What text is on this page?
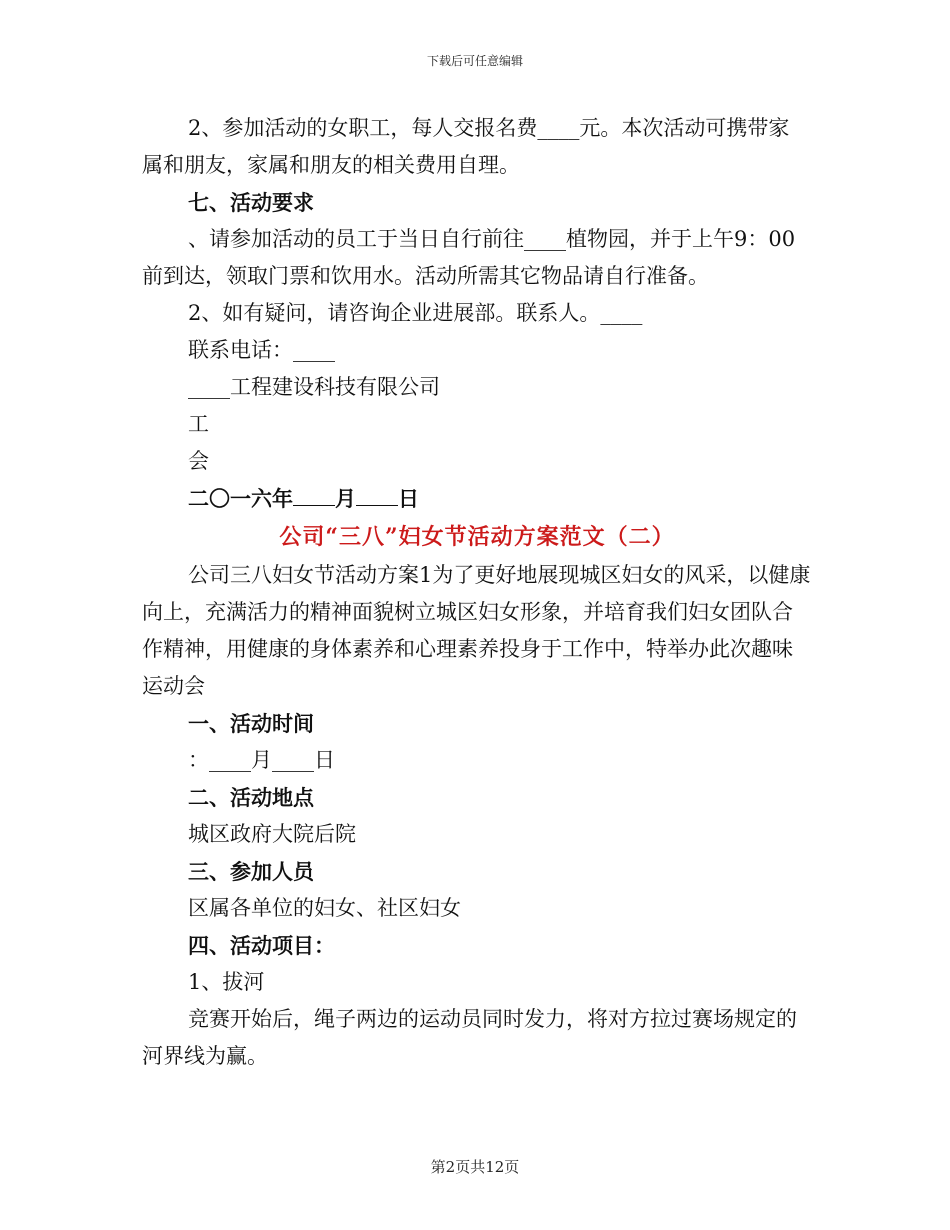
下载后可任意编辑
2、参加活动的女职工，每人交报名费____元。本次活动可携带家
属和朋友，家属和朋友的相关费用自理。
七、活动要求
、请参加活动的员工于当日自行前往____植物园，并于上午9：00
前到达，领取门票和饮用水。活动所需其它物品请自行准备。
2、如有疑问，请咨询企业进展部。联系人。____
联系电话：____
____工程建设科技有限公司
工
会
二〇一六年 月 日
公司“三八”妇女节活动方案范文（二）
公司三八妇女节活动方案1为了更好地展现城区妇女的风采，以健康向上，充满活力的精神面貌树立城区妇女形象，并培育我们妇女团队合作精神，用健康的身体素养和心理素养投身于工作中，特举办此次趣味运动会
一、活动时间
：____月____日
二、活动地点
城区政府大院后院
三、参加人员
区属各单位的妇女、社区妇女
四、活动项目：
1、拔河
竞赛开始后，绳子两边的运动员同时发力，将对方拉过赛场规定的河界线为赢。
第2页共12页
